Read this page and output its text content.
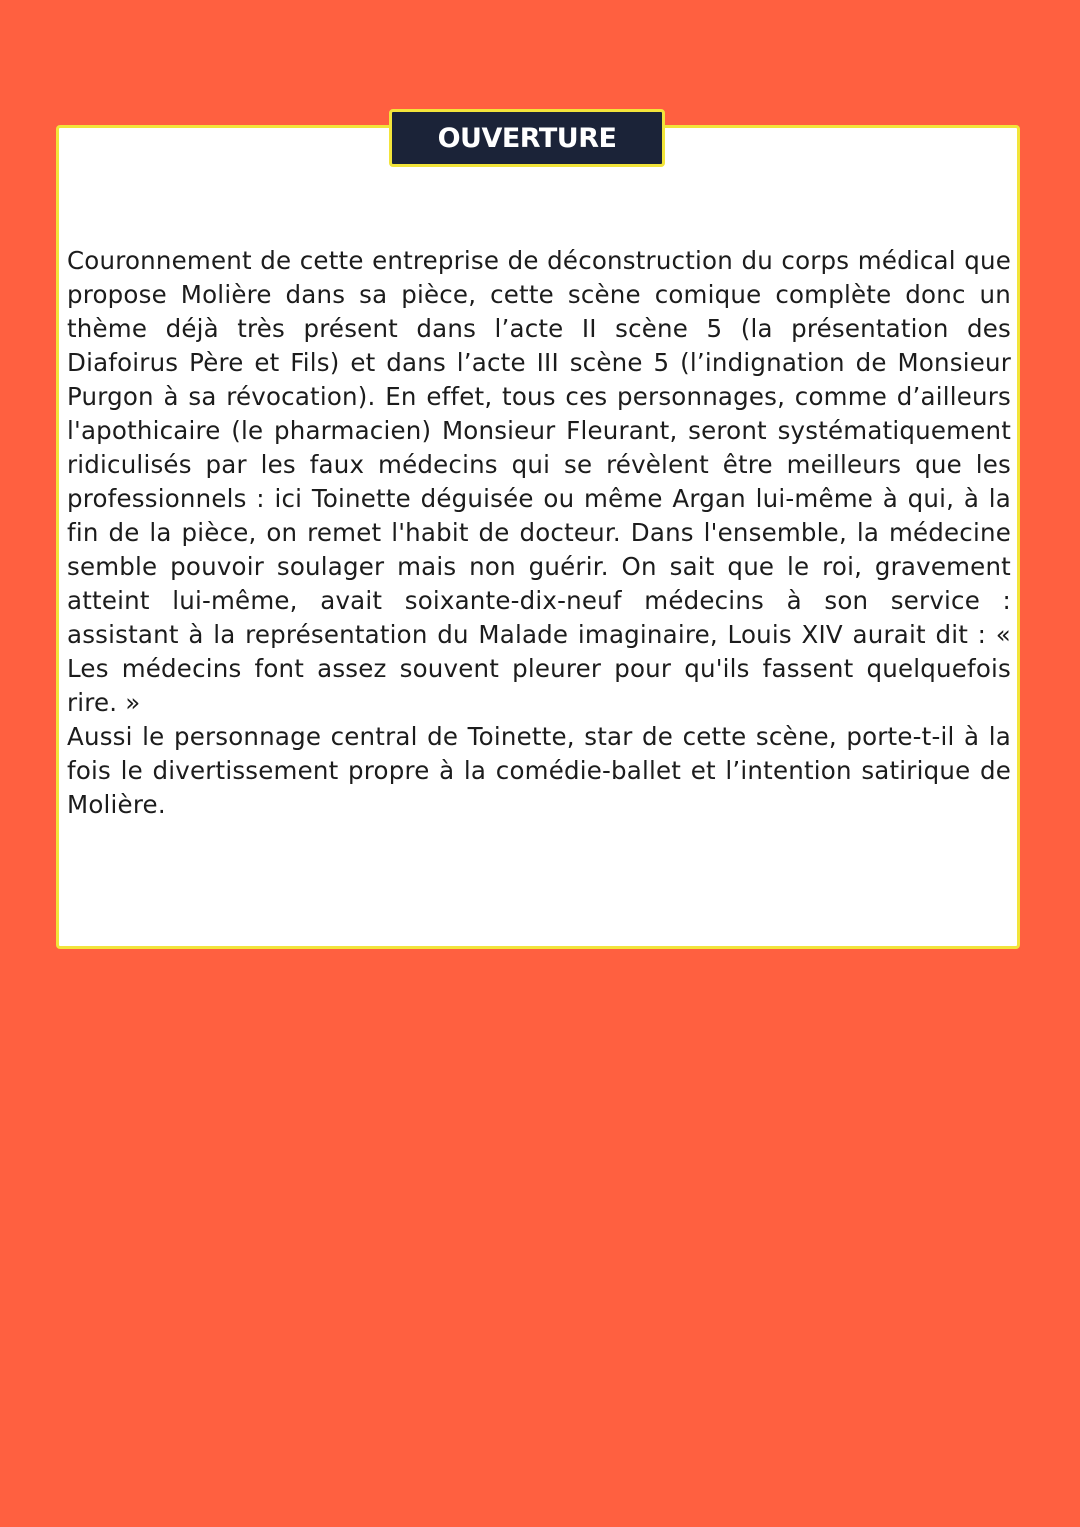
OUVERTURE

Couronnement de cette entreprise de déconstruction du corps médical que propose Molière dans sa pièce, cette scène comique complète donc un thème déjà très présent dans l’acte II scène 5 (la présentation des Diafoirus Père et Fils) et dans l’acte III scène 5 (l’indignation de Monsieur Purgon à sa révocation). En effet, tous ces personnages, comme d’ailleurs l'apothicaire (le pharmacien) Monsieur Fleurant, seront systématiquement ridiculisés par les faux médecins qui se révèlent être meilleurs que les professionnels : ici Toinette déguisée ou même Argan lui-même à qui, à la fin de la pièce, on remet l'habit de docteur. Dans l'ensemble, la médecine semble pouvoir soulager mais non guérir. On sait que le roi, gravement atteint lui-même, avait soixante-dix-neuf médecins à son service : assistant à la représentation du Malade imaginaire, Louis XIV aurait dit : « Les médecins font assez souvent pleurer pour qu'ils fassent quelquefois rire. »

Aussi le personnage central de Toinette, star de cette scène, porte-t-il à la fois le divertissement propre à la comédie-ballet et l’intention satirique de Molière.
